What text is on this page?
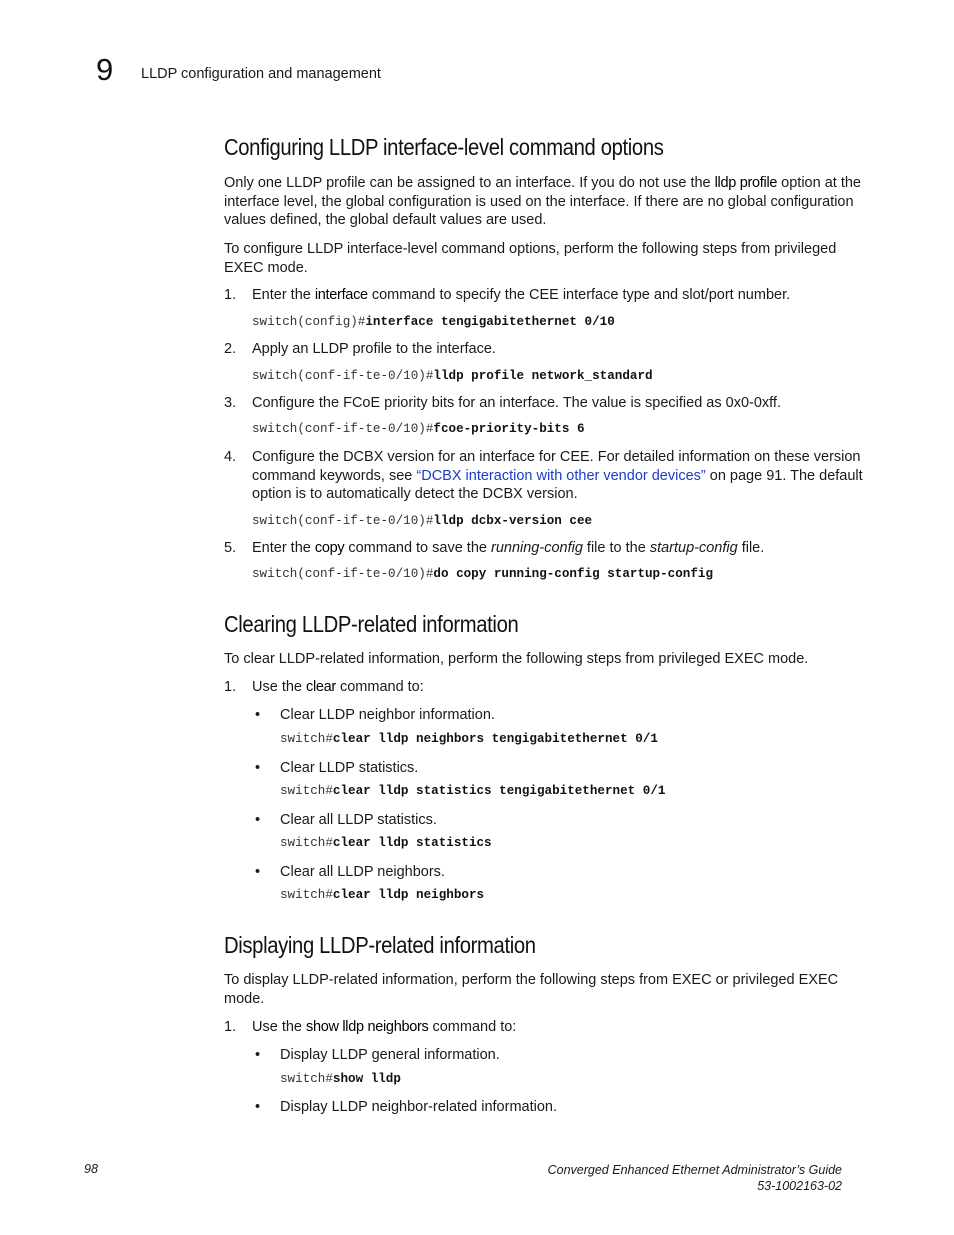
9 LLDP configuration and management
Configuring LLDP interface-level command options
Only one LLDP profile can be assigned to an interface. If you do not use the lldp profile option at the
interface level, the global configuration is used on the interface. If there are no global configuration
values defined, the global default values are used.
To configure LLDP interface-level command options, perform the following steps from privileged
EXEC mode.
1. Enter the interface command to specify the CEE interface type and slot/port number.
switch(config)#interface tengigabitethernet 0/10
2. Apply an LLDP profile to the interface.
switch(conf-if-te-0/10)#lldp profile network_standard
3. Configure the FCoE priority bits for an interface. The value is specified as 0x0-0xff.
switch(conf-if-te-0/10)#fcoe-priority-bits 6
4. Configure the DCBX version for an interface for CEE. For detailed information on these version
command keywords, see “DCBX interaction with other vendor devices” on page 91. The default
option is to automatically detect the DCBX version.
switch(conf-if-te-0/10)#lldp dcbx-version cee
5. Enter the copy command to save the running-config file to the startup-config file.
switch(conf-if-te-0/10)#do copy running-config startup-config
Clearing LLDP-related information
To clear LLDP-related information, perform the following steps from privileged EXEC mode.
1. Use the clear command to:
• Clear LLDP neighbor information.
switch#clear lldp neighbors tengigabitethernet 0/1
• Clear LLDP statistics.
switch#clear lldp statistics tengigabitethernet 0/1
• Clear all LLDP statistics.
switch#clear lldp statistics
• Clear all LLDP neighbors.
switch#clear lldp neighbors
Displaying LLDP-related information
To display LLDP-related information, perform the following steps from EXEC or privileged EXEC
mode.
1. Use the show lldp neighbors command to:
• Display LLDP general information.
switch#show lldp
• Display LLDP neighbor-related information.
98	Converged Enhanced Ethernet Administrator’s Guide
53-1002163-02
